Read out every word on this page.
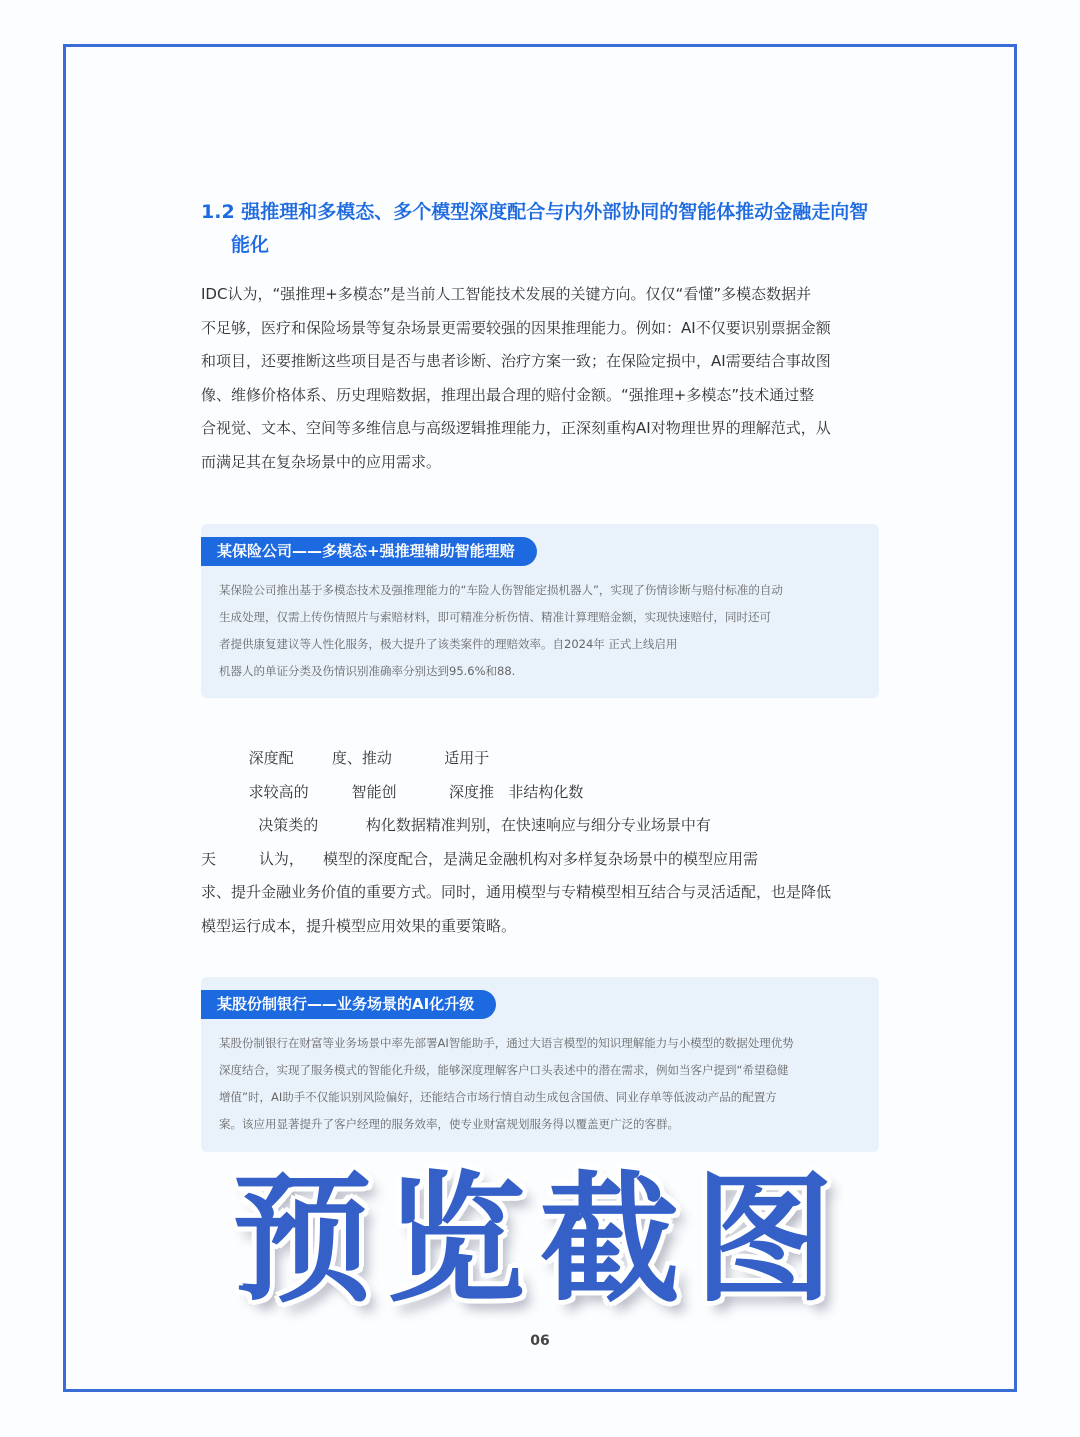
1.2 强推理和多模态、多个模型深度配合与内外部协同的智能体推动金融走向智
能化
IDC认为，“强推理+多模态”是当前人工智能技术发展的关键方向。仅仅“看懂”多模态数据并
不足够，医疗和保险场景等复杂场景更需要较强的因果推理能力。例如：AI不仅要识别票据金额
和项目，还要推断这些项目是否与患者诊断、治疗方案一致；在保险定损中，AI需要结合事故图
像、维修价格体系、历史理赔数据，推理出最合理的赔付金额。“强推理+多模态”技术通过整
合视觉、文本、空间等多维信息与高级逻辑推理能力，正深刻重构AI对物理世界的理解范式，从
而满足其在复杂场景中的应用需求。
某保险公司——多模态+强推理辅助智能理赔
某保险公司推出基于多模态技术及强推理能力的“车险人伤智能定损机器人”，实现了伤情诊断与赔付标准的自动
生成处理，仅需上传伤情照片与索赔材料，即可精准分析伤情、精准计算理赔金额，实现快速赔付，同时还可
者提供康复建议等人性化服务，极大提升了该类案件的理赔效率。自2024年 正式上线启用
机器人的单证分类及伤情识别准确率分别达到95.6%和88.
深度配        度、推动           适用于
求较高的         智能创           深度推   非结构化数
决策类的          构化数据精准判别，在快速响应与细分专业场景中有
天         认为，    模型的深度配合，是满足金融机构对多样复杂场景中的模型应用需
求、提升金融业务价值的重要方式。同时，通用模型与专精模型相互结合与灵活适配，也是降低
模型运行成本，提升模型应用效果的重要策略。
某股份制银行——业务场景的AI化升级
某股份制银行在财富等业务场景中率先部署AI智能助手，通过大语言模型的知识理解能力与小模型的数据处理优势
深度结合，实现了服务模式的智能化升级，能够深度理解客户口头表述中的潜在需求，例如当客户提到“希望稳健
增值”时，AI助手不仅能识别风险偏好，还能结合市场行情自动生成包含国债、同业存单等低波动产品的配置方
案。该应用显著提升了客户经理的服务效率，使专业财富规划服务得以覆盖更广泛的客群。
预览截图
06
